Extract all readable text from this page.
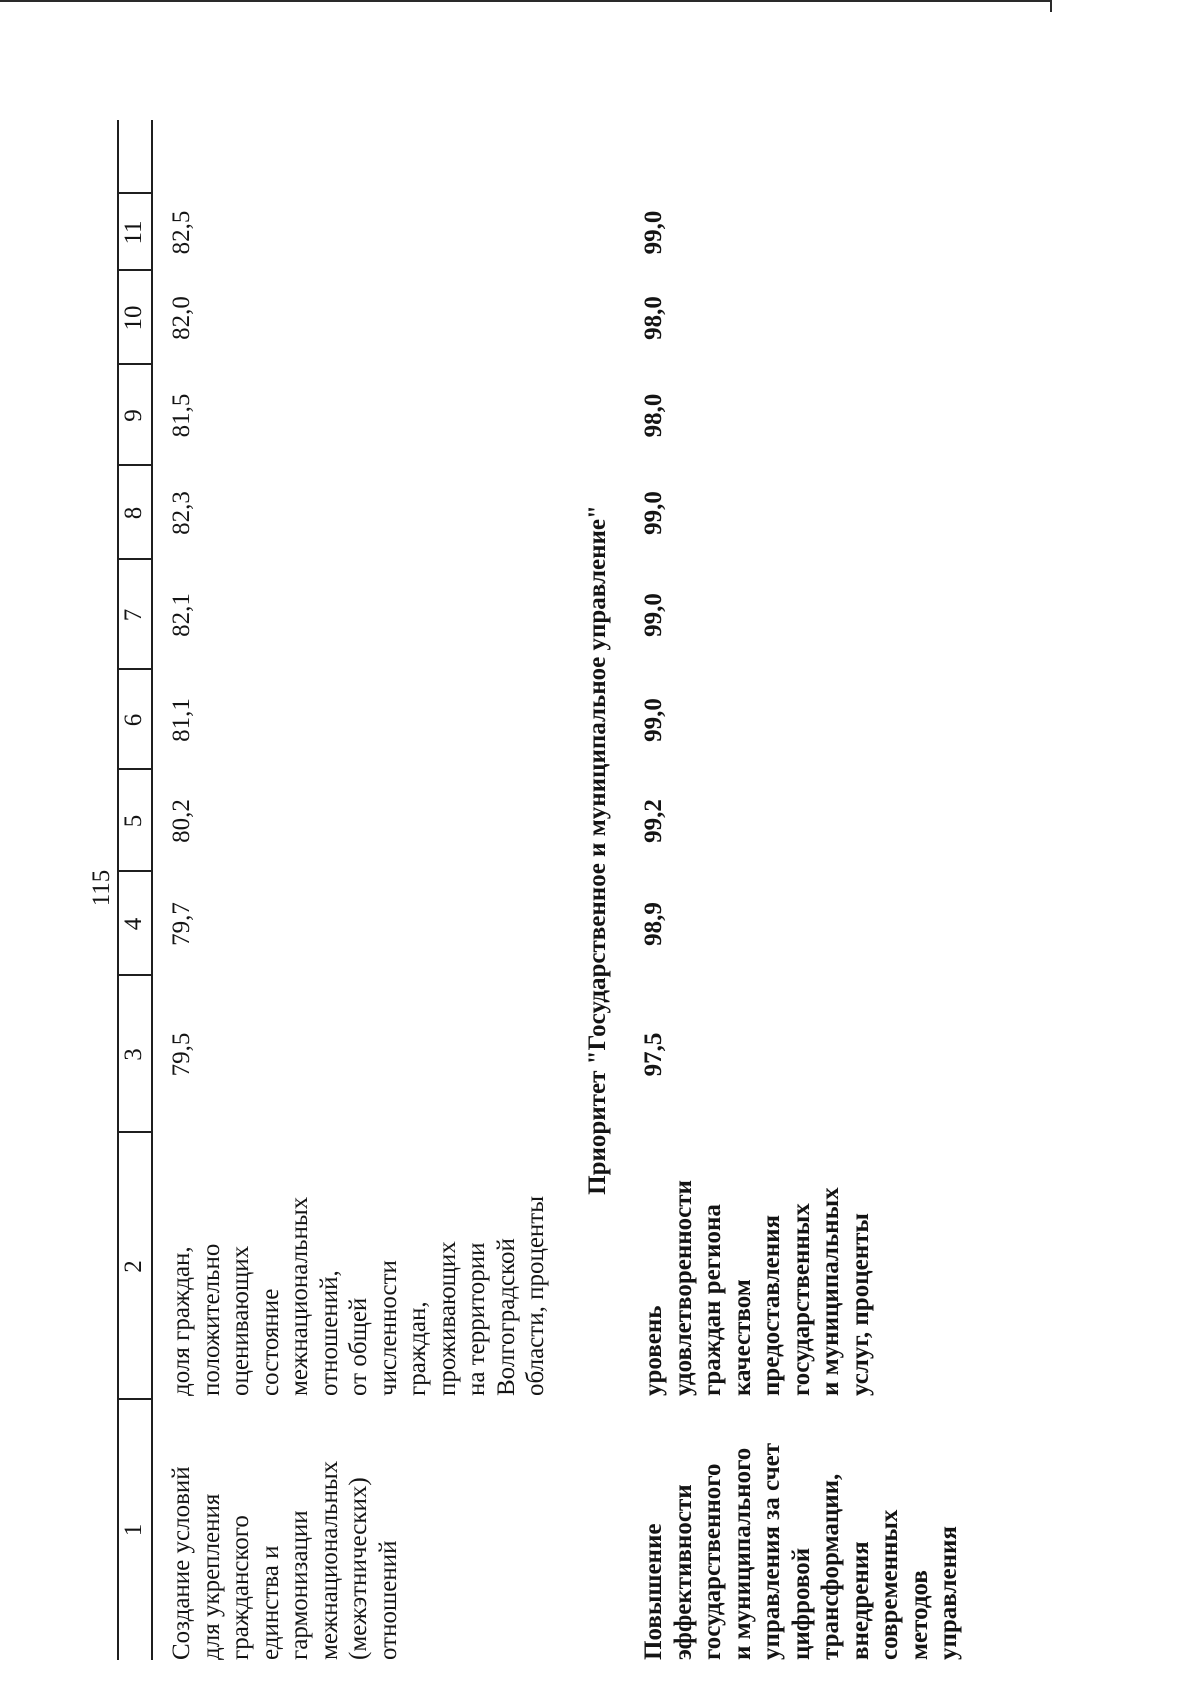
115
1
2
3
4
5
6
7
8
9
10
11
Создание условий
для укрепления
гражданского
единства и
гармонизации
межнациональных
(межэтнических)
отношений
доля граждан,
положительно
оценивающих
состояние
межнациональных
отношений,
от общей
численности
граждан,
проживающих
на территории
Волгоградской
области, проценты
79,5
79,7
80,2
81,1
82,1
82,3
81,5
82,0
82,5
Приоритет "Государственное и муниципальное управление"
Повышение
эффективности
государственного
и муниципального
управления за счет
цифровой
трансформации,
внедрения
современных
методов
управления
уровень
удовлетворенности
граждан региона
качеством
предоставления
государственных
и муниципальных
услуг, проценты
97,5
98,9
99,2
99,0
99,0
99,0
98,0
98,0
99,0
